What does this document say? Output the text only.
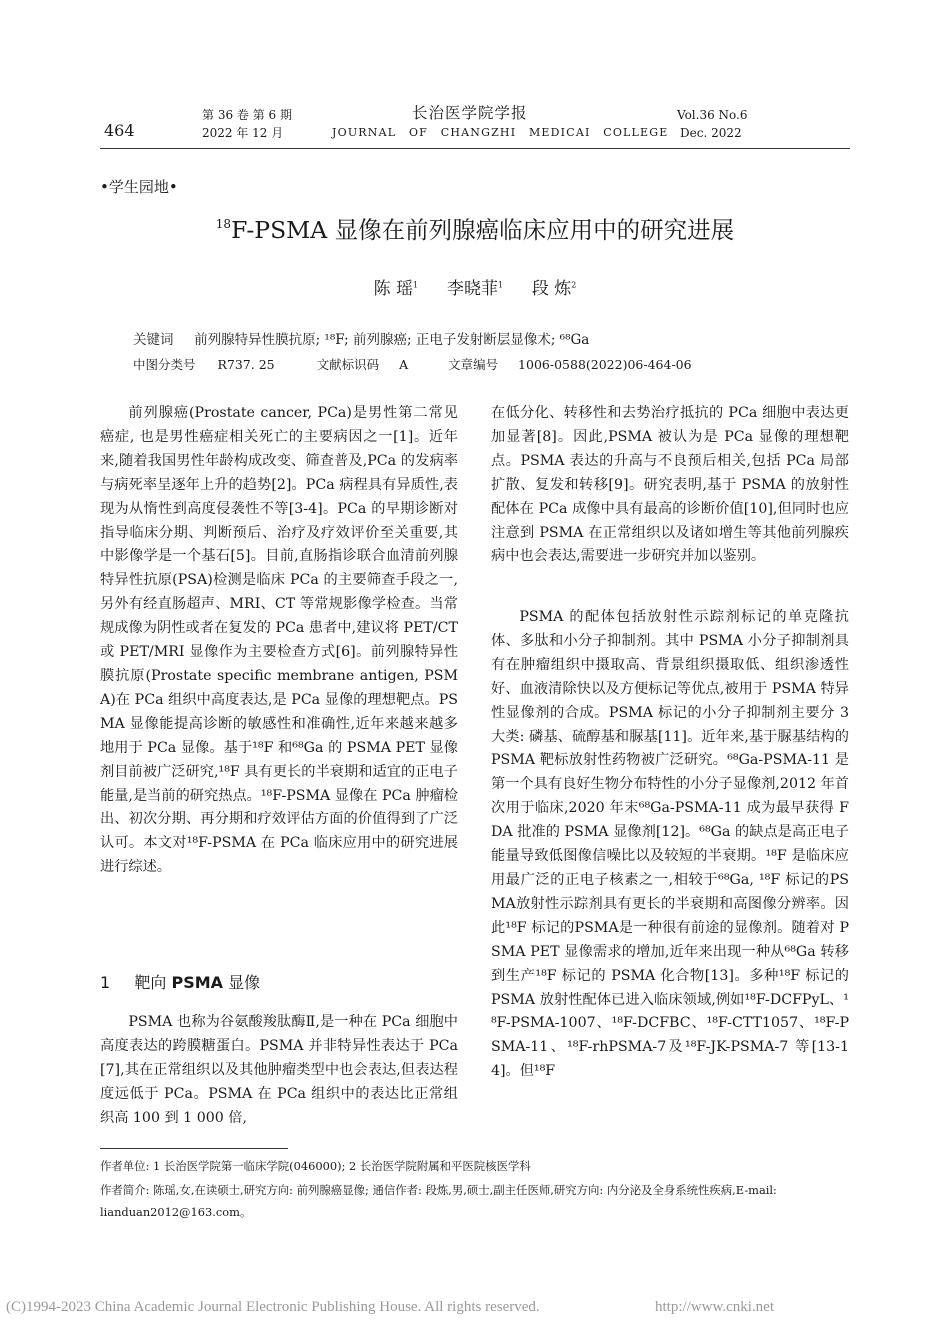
464
第 36 卷 第 6 期
2022 年 12 月
长治医学院学报
JOURNAL OF CHANGZHI MEDICAI COLLEGE
Vol.36 No.6
Dec. 2022
•学生园地•
$^{18}$F-PSMA 显像在前列腺癌临床应用中的研究进展
陈 瑶$^1$ 李晓菲$^1$ 段 炼$^2$
关键词 前列腺特异性膜抗原; ¹⁸F; 前列腺癌; 正电子发射断层显像术; ⁶⁸Ga
中图分类号 R737. 25	文献标识码 A	文章编号 1006-0588(2022)06-464-06

前列腺癌(Prostate cancer, PCa)是男性第二常见癌症, 也是男性癌症相关死亡的主要病因之一[1]。近年来,随着我国男性年龄构成改变、筛查普及,PCa 的发病率与病死率呈逐年上升的趋势[2]。PCa 病程具有异质性,表现为从惰性到高度侵袭性不等[3-4]。PCa 的早期诊断对指导临床分期、判断预后、治疗及疗效评价至关重要,其中影像学是一个基石[5]。目前,直肠指诊联合血清前列腺特异性抗原(PSA)检测是临床 PCa 的主要筛查手段之一,另外有经直肠超声、MRI、CT 等常规影像学检查。当常规成像为阴性或者在复发的 PCa 患者中,建议将 PET/CT 或 PET/MRI 显像作为主要检查方式[6]。前列腺特异性膜抗原(Prostate specific membrane antigen, PSMA)在 PCa 组织中高度表达,是 PCa 显像的理想靶点。PSMA 显像能提高诊断的敏感性和准确性,近年来越来越多地用于 PCa 显像。基于¹⁸F 和⁶⁸Ga 的 PSMA PET 显像剂目前被广泛研究,¹⁸F 具有更长的半衰期和适宜的正电子能量,是当前的研究热点。¹⁸F-PSMA 显像在 PCa 肿瘤检出、初次分期、再分期和疗效评估方面的价值得到了广泛认可。本文对¹⁸F-PSMA 在 PCa 临床应用中的研究进展进行综述。

1 靶向 PSMA 显像

PSMA 也称为谷氨酸羧肽酶Ⅱ,是一种在 PCa 细胞中高度表达的跨膜糖蛋白。PSMA 并非特异性表达于 PCa[7],其在正常组织以及其他肿瘤类型中也会表达,但表达程度远低于 PCa。PSMA 在 PCa 组织中的表达比正常组织高 100 到 1 000 倍,

在低分化、转移性和去势治疗抵抗的 PCa 细胞中表达更加显著[8]。因此,PSMA 被认为是 PCa 显像的理想靶点。PSMA 表达的升高与不良预后相关,包括 PCa 局部扩散、复发和转移[9]。研究表明,基于 PSMA 的放射性配体在 PCa 成像中具有最高的诊断价值[10],但同时也应注意到 PSMA 在正常组织以及诸如增生等其他前列腺疾病中也会表达,需要进一步研究并加以鉴别。

PSMA 的配体包括放射性示踪剂标记的单克隆抗体、多肽和小分子抑制剂。其中 PSMA 小分子抑制剂具有在肿瘤组织中摄取高、背景组织摄取低、组织渗透性好、血液清除快以及方便标记等优点,被用于 PSMA 特异性显像剂的合成。PSMA 标记的小分子抑制剂主要分 3 大类: 磷基、硫醇基和脲基[11]。近年来,基于脲基结构的 PSMA 靶标放射性药物被广泛研究。⁶⁸Ga-PSMA-11 是第一个具有良好生物分布特性的小分子显像剂,2012 年首次用于临床,2020 年末⁶⁸Ga-PSMA-11 成为最早获得 FDA 批准的 PSMA 显像剂[12]。⁶⁸Ga 的缺点是高正电子能量导致低图像信噪比以及较短的半衰期。¹⁸F 是临床应用最广泛的正电子核素之一,相较于⁶⁸Ga, ¹⁸F 标记的PSMA放射性示踪剂具有更长的半衰期和高图像分辨率。因此¹⁸F 标记的PSMA是一种很有前途的显像剂。随着对 PSMA PET 显像需求的增加,近年来出现一种从⁶⁸Ga 转移到生产¹⁸F 标记的 PSMA 化合物[13]。多种¹⁸F 标记的 PSMA 放射性配体已进入临床领域,例如¹⁸F-DCFPyL、¹⁸F-PSMA-1007、¹⁸F-DCFBC、¹⁸F-CTT1057、¹⁸F-PSMA-11、¹⁸F-rhPSMA-7及¹⁸F-JK-PSMA-7 等[13-14]。但¹⁸F

作者单位: 1 长治医学院第一临床学院(046000); 2 长治医学院附属和平医院核医学科
作者简介: 陈瑶,女,在读硕士,研究方向: 前列腺癌显像; 通信作者: 段炼,男,硕士,副主任医师,研究方向: 内分泌及全身系统性疾病,E-mail: lianduan2012@163.com。
(C)1994-2023 China Academic Journal Electronic Publishing House. All rights reserved.	http://www.cnki.net
